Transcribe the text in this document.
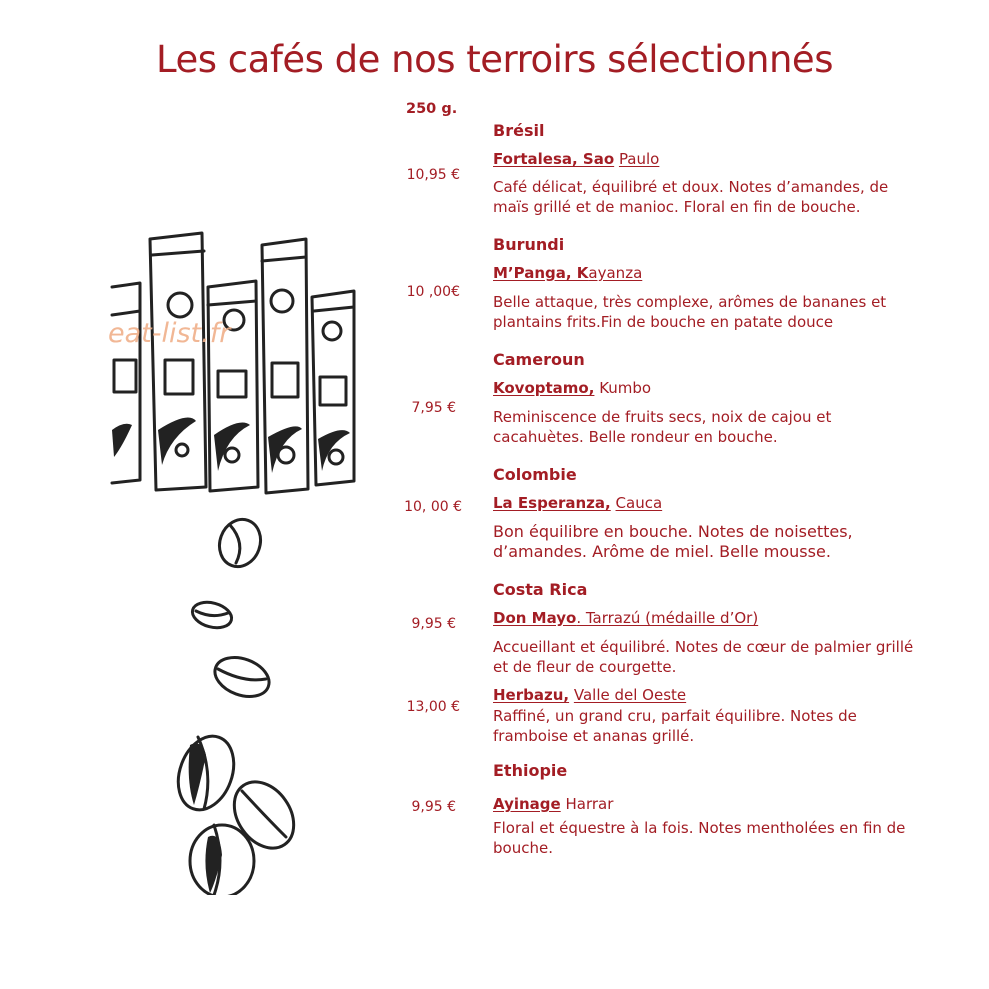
Les cafés de nos terroirs sélectionnés
250 g.
Brésil
Burundi
Cameroun
Colombie
Costa Rica
Ethiopie
10,95 €
Fortalesa, Sao Paulo
Café délicat, équilibré et doux. Notes d’amandes, de
maïs grillé et de manioc. Floral en fin de bouche.
10 ,00€
M’Panga, Kayanza
Belle attaque, très complexe, arômes de bananes et
plantains frits.Fin de bouche en patate douce
7,95 €
Kovoptamo, Kumbo
Reminiscence de fruits secs, noix de cajou et
cacahuètes. Belle rondeur en bouche.
10, 00 € La Esperanza, Cauca
Bon équilibre en bouche. Notes de noisettes,
d’amandes. Arôme de miel. Belle mousse.
9,95 € Don Mayo. Tarrazú (médaille d’Or)
Accueillant et équilibré. Notes de cœur de palmier grillé
et de fleur de courgette.
13,00 €
Herbazu, Valle del Oeste
Raffiné, un grand cru, parfait équilibre. Notes de
framboise et ananas grillé.
9,95 € Ayinage Harrar
Floral et équestre à la fois. Notes mentholées en fin de
bouche.
eat-list.fr
